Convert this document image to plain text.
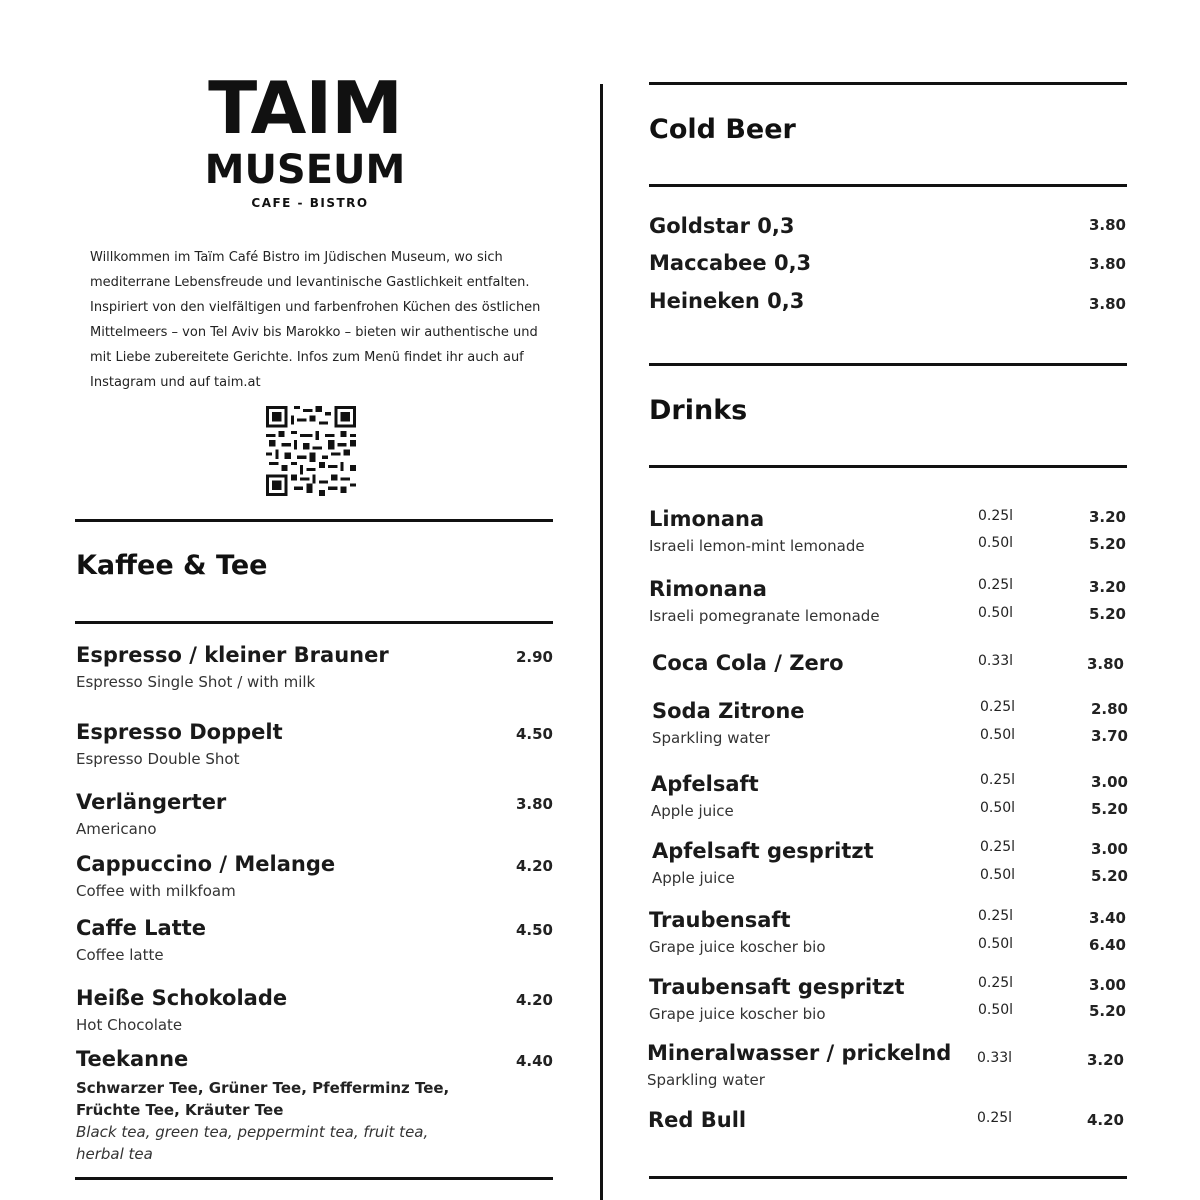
TAIM
MUSEUM
CAFE - BISTRO
Willkommen im Taïm Café Bistro im Jüdischen Museum, wo sich mediterrane Lebensfreude und levantinische Gastlichkeit entfalten. Inspiriert von den vielfältigen und farbenfrohen Küchen des östlichen Mittelmeers – von Tel Aviv bis Marokko – bieten wir authentische und mit Liebe zubereitete Gerichte. Infos zum Menü findet ihr auch auf Instagram und auf taim.at
Kaffee & Tee
Espresso / kleiner Brauner
Espresso Single Shot / with milk
2.90
Espresso Doppelt
Espresso Double Shot
4.50
Verlängerter
Americano
3.80
Cappuccino / Melange
Coffee with milkfoam
4.20
Caffe Latte
Coffee latte
4.50
Heiße Schokolade
Hot Chocolate
4.20
Teekanne
Schwarzer Tee, Grüner Tee, Pfefferminz Tee, Früchte Tee, Kräuter Tee
Black tea, green tea, peppermint tea, fruit tea, herbal tea
4.40
Cold Beer
Goldstar 0,3	3.80
Maccabee 0,3	3.80
Heineken 0,3	3.80
Drinks
Limonana
Israeli lemon-mint lemonade
0.25l	3.20
0.50l	5.20
Rimonana
Israeli pomegranate lemonade
0.25l	3.20
0.50l	5.20
Coca Cola / Zero	0.33l	3.80
Soda Zitrone
Sparkling water
0.25l	2.80
0.50l	3.70
Apfelsaft
Apple juice
0.25l	3.00
0.50l	5.20
Apfelsaft gespritzt
Apple juice
0.25l	3.00
0.50l	5.20
Traubensaft
Grape juice koscher bio
0.25l	3.40
0.50l	6.40
Traubensaft gespritzt
Grape juice koscher bio
0.25l	3.00
0.50l	5.20
Mineralwasser / prickelnd
Sparkling water
0.33l	3.20
Red Bull	0.25l	4.20
